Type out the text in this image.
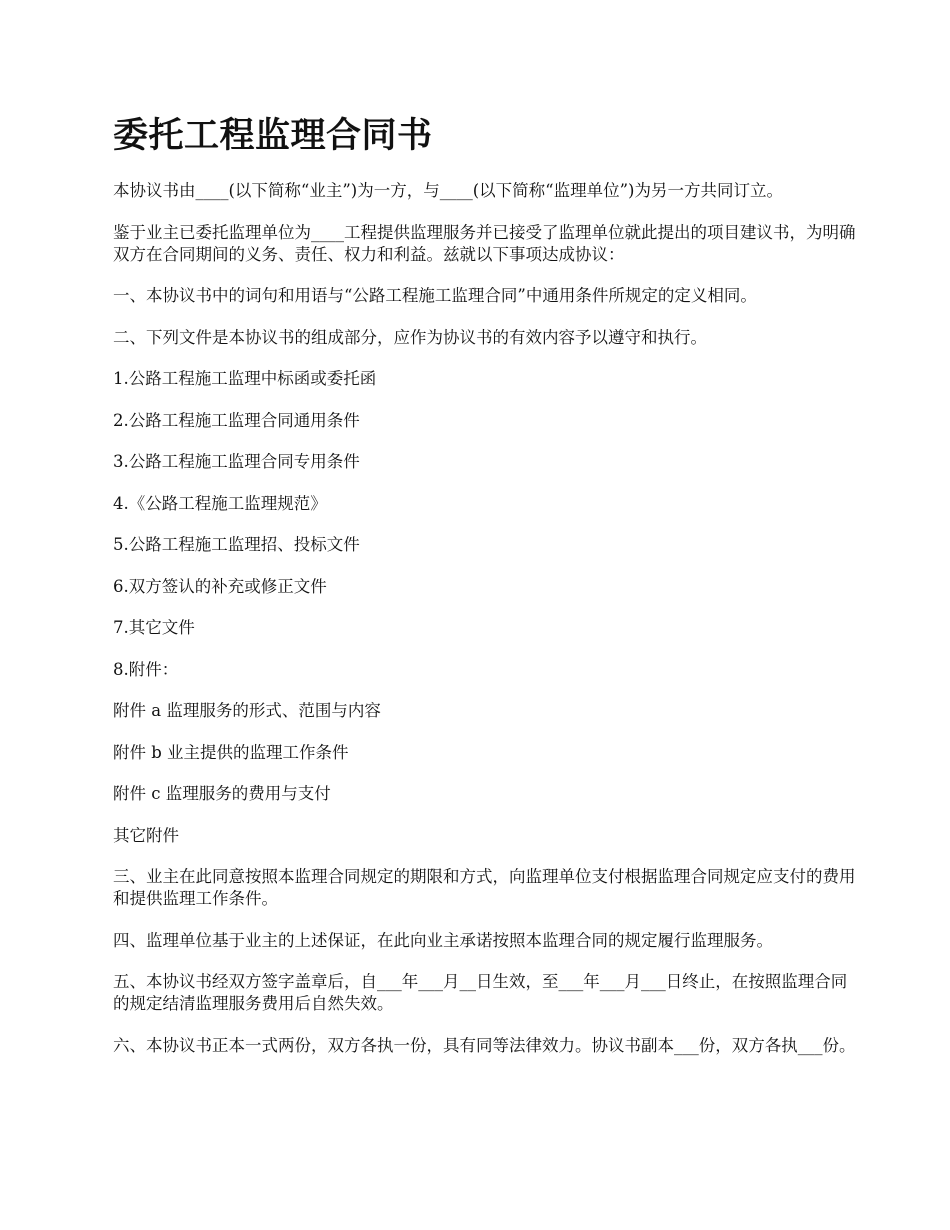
委托工程监理合同书

本协议书由____(以下简称“业主”)为一方，与____(以下简称“监理单位”)为另一方共同订立。

鉴于业主已委托监理单位为____工程提供监理服务并已接受了监理单位就此提出的项目建议书，为明确双方在合同期间的义务、责任、权力和利益。兹就以下事项达成协议：

一、本协议书中的词句和用语与“公路工程施工监理合同”中通用条件所规定的定义相同。

二、下列文件是本协议书的组成部分，应作为协议书的有效内容予以遵守和执行。

1.公路工程施工监理中标函或委托函
2.公路工程施工监理合同通用条件
3.公路工程施工监理合同专用条件
4.《公路工程施工监理规范》
5.公路工程施工监理招、投标文件
6.双方签认的补充或修正文件
7.其它文件
8.附件：
附件 a 监理服务的形式、范围与内容
附件 b 业主提供的监理工作条件
附件 c 监理服务的费用与支付
其它附件

三、业主在此同意按照本监理合同规定的期限和方式，向监理单位支付根据监理合同规定应支付的费用和提供监理工作条件。

四、监理单位基于业主的上述保证，在此向业主承诺按照本监理合同的规定履行监理服务。

五、本协议书经双方签字盖章后，自___年___月__日生效，至___年___月___日终止，在按照监理合同的规定结清监理服务费用后自然失效。

六、本协议书正本一式两份，双方各执一份，具有同等法律效力。协议书副本___份，双方各执___份。
